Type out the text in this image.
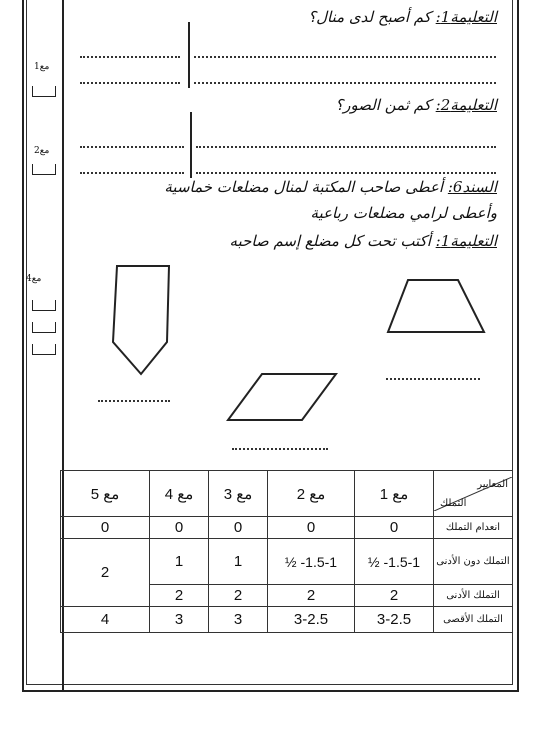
مع1
مع2
مع4
التعليمة1: كم أصبح لدى منال؟
التعليمة2: كم ثمن الصور؟
السند6: أعطى صاحب المكتبة لمنال مضلعات خماسية
وأعطى لرامي مضلعات رباعية
التعليمة1: أكتب تحت كل مضلع إسم صاحبه
المعايير
التملك	مع 1	مع 2	مع 3	مع 4	مع 5
انعدام التملك	0	0	0	0	0
التملك دون الأدنى	1.5-1- ½	1.5-1- ½	1	1	2
التملك الأدنى	2	2	2	2	
التملك الأقصى	3-2.5	3-2.5	3	3	4
